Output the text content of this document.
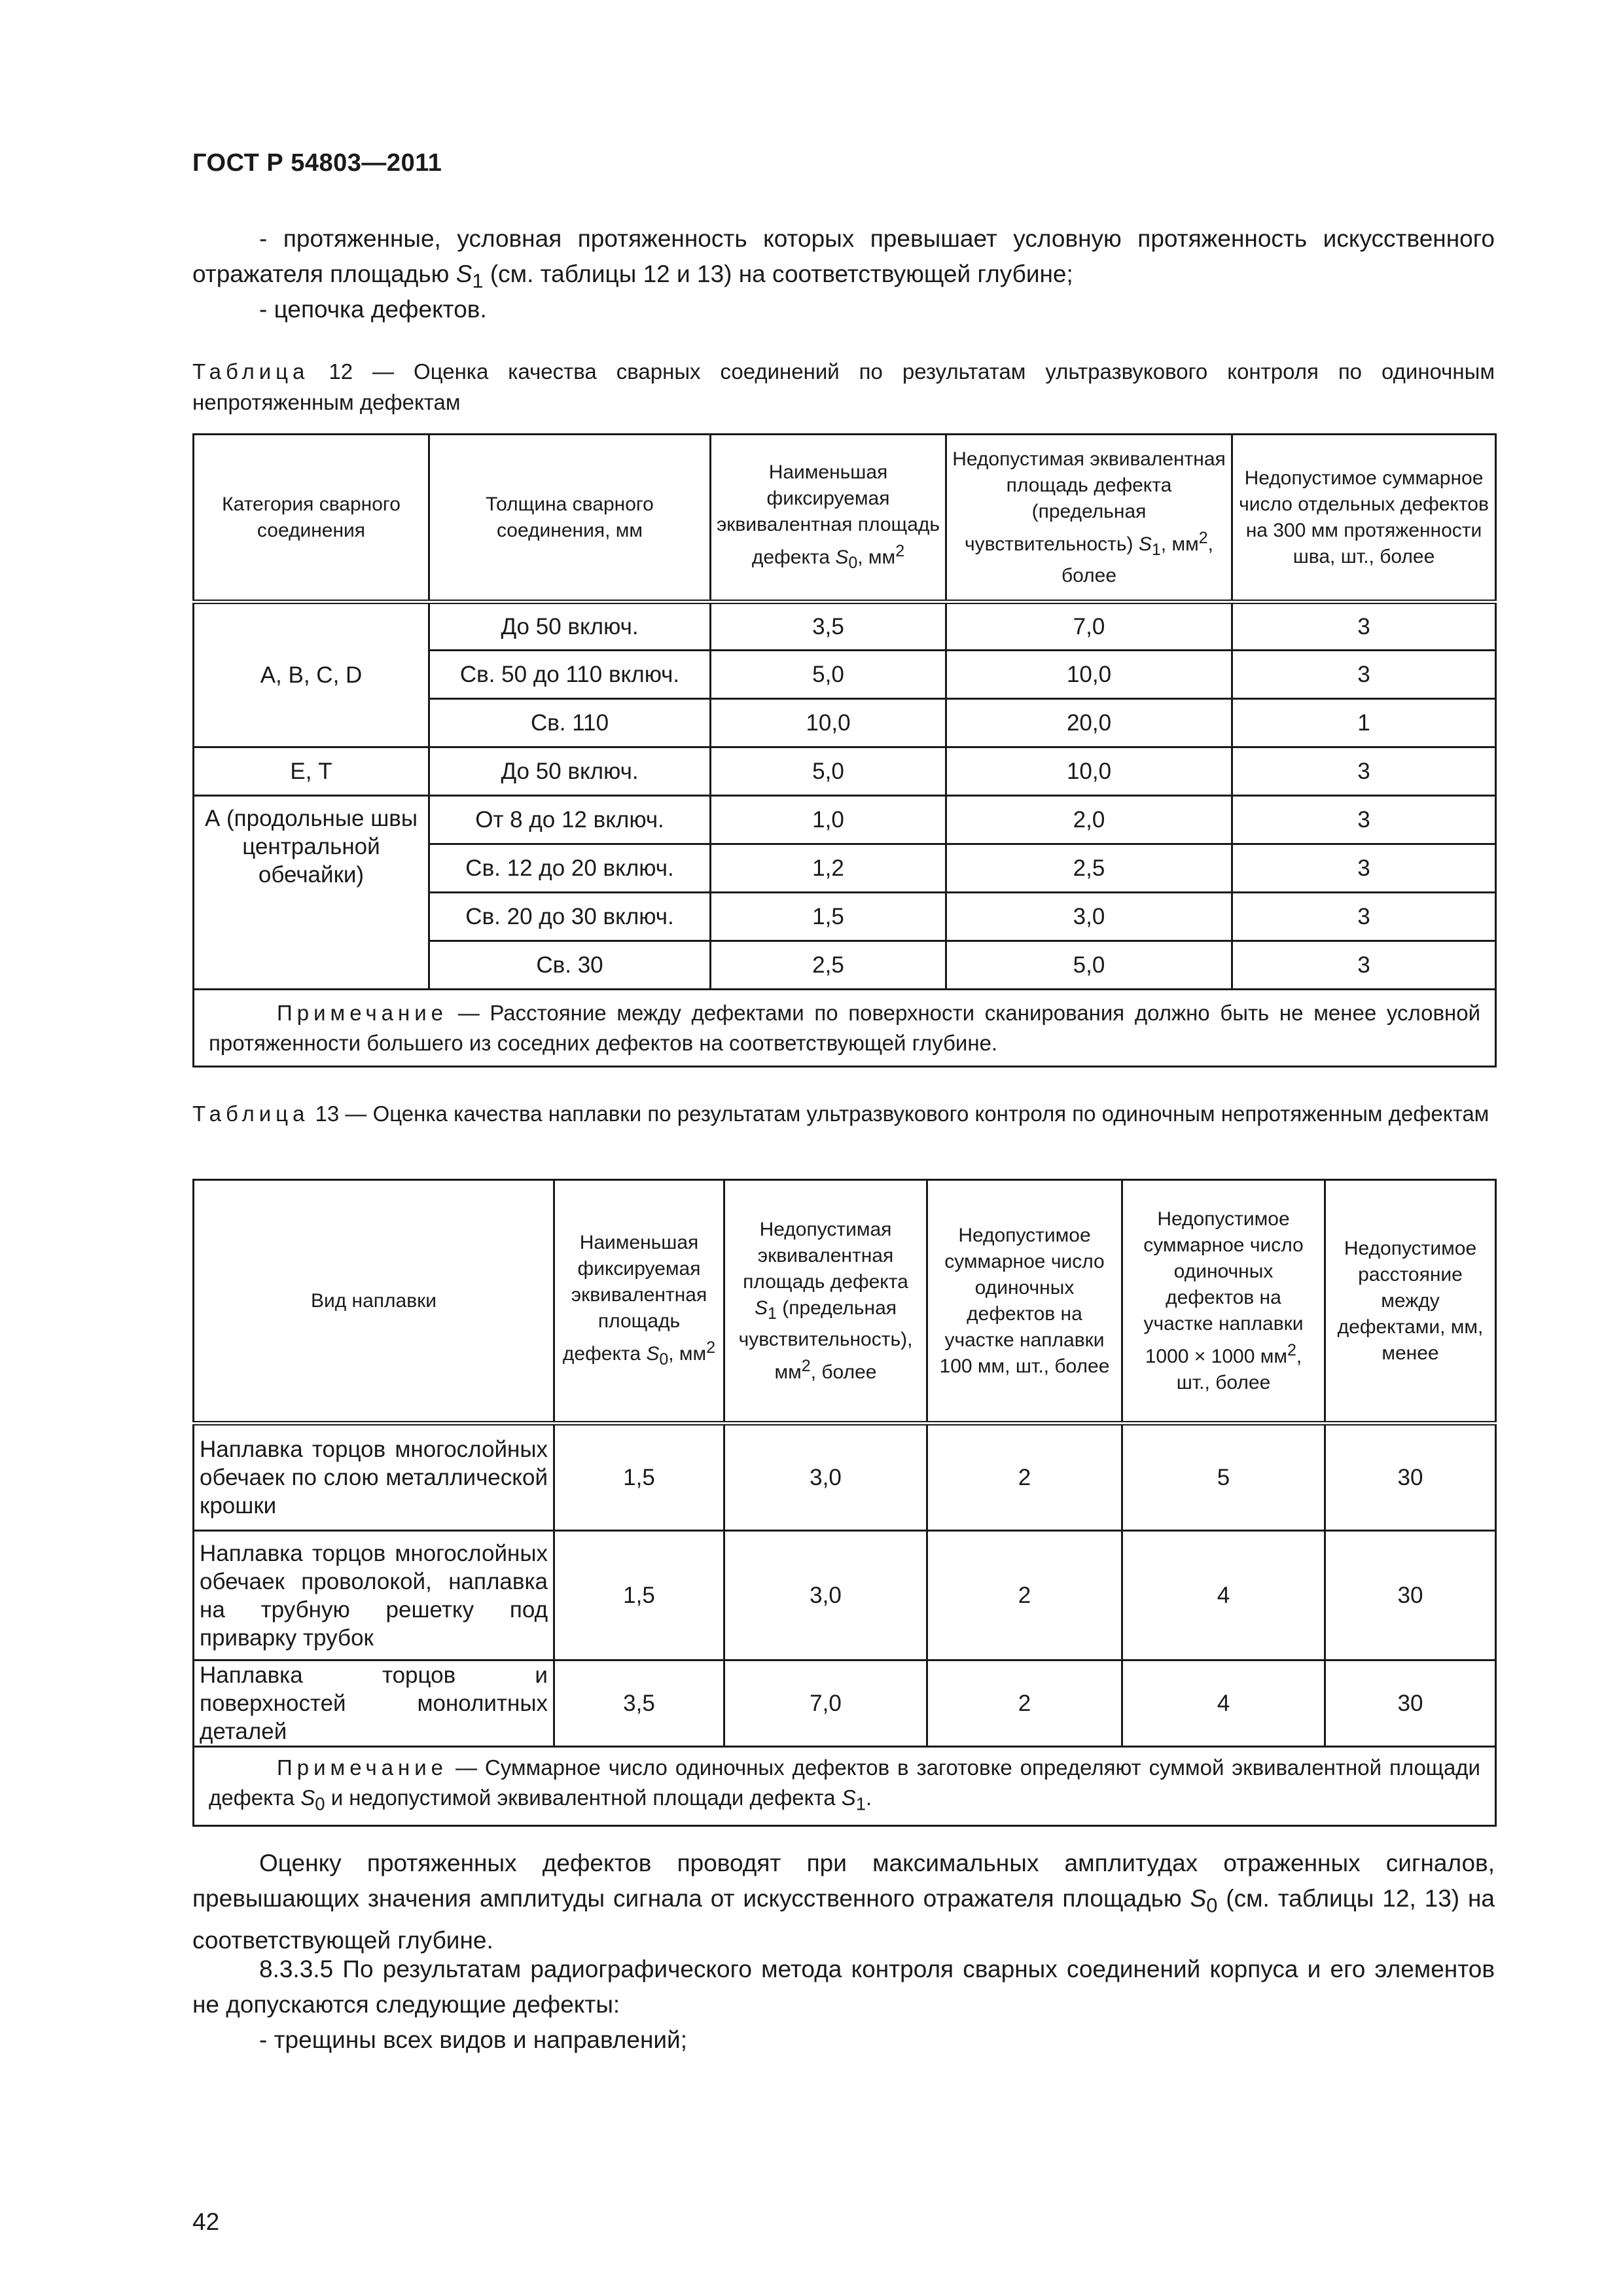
ГОСТ Р 54803—2011
- протяженные, условная протяженность которых превышает условную протяженность искусственного отражателя площадью $S_1$ (см. таблицы 12 и 13) на соответствующей глубине;
- цепочка дефектов.
Таблица 12 — Оценка качества сварных соединений по результатам ультразвукового контроля по одиночным непротяженным дефектам
Категория сварного соединения	Толщина сварного соединения, мм	Наименьшая фиксируемая эквивалентная площадь дефекта $S_0$, $мм^2$	Недопустимая эквивалентная площадь дефекта (предельная чувствительность) $S_1$, $мм^2$, более	Недопустимое суммарное число отдельных дефектов на 300 мм протяженности шва, шт., более
А, В, С, D	До 50 включ.	3,5	7,0	3
	Св. 50 до 110 включ.	5,0	10,0	3
	Св. 110	10,0	20,0	1
Е, Т	До 50 включ.	5,0	10,0	3
А (продольные швы центральной обечайки)	От 8 до 12 включ.	1,0	2,0	3
	Св. 12 до 20 включ.	1,2	2,5	3
	Св. 20 до 30 включ.	1,5	3,0	3
	Св. 30	2,5	5,0	3
Примечание — Расстояние между дефектами по поверхности сканирования должно быть не менее условной протяженности большего из соседних дефектов на соответствующей глубине.				
Таблица 13 — Оценка качества наплавки по результатам ультразвукового контроля по одиночным непротяженным дефектам
Вид наплавки	Наименьшая фиксируемая эквивалентная площадь дефекта $S_0$, $мм^2$	Недопустимая эквивалентная площадь дефекта $S_1$ (предельная чувствительность), $мм^2$, более	Недопустимое суммарное число одиночных дефектов на участке наплавки 100 мм, шт., более	Недопустимое суммарное число одиночных дефектов на участке наплавки 1000 × 1000 $мм^2$, шт., более	Недопустимое расстояние между дефектами, мм, менее
Наплавка торцов многослойных обечаек по слою металлической крошки	1,5	3,0	2	5	30
Наплавка торцов многослойных обечаек проволокой, наплавка на трубную решетку под приварку трубок	1,5	3,0	2	4	30
Наплавка торцов и поверхностей монолитных деталей	3,5	7,0	2	4	30
Примечание — Суммарное число одиночных дефектов в заготовке определяют суммой эквивалентной площади дефекта $S_0$ и недопустимой эквивалентной площади дефекта $S_1$.					
Оценку протяженных дефектов проводят при максимальных амплитудах отраженных сигналов, превышающих значения амплитуды сигнала от искусственного отражателя площадью $S_0$ (см. таблицы 12, 13) на соответствующей глубине.
8.3.3.5 По результатам радиографического метода контроля сварных соединений корпуса и его элементов не допускаются следующие дефекты:
- трещины всех видов и направлений;
42
